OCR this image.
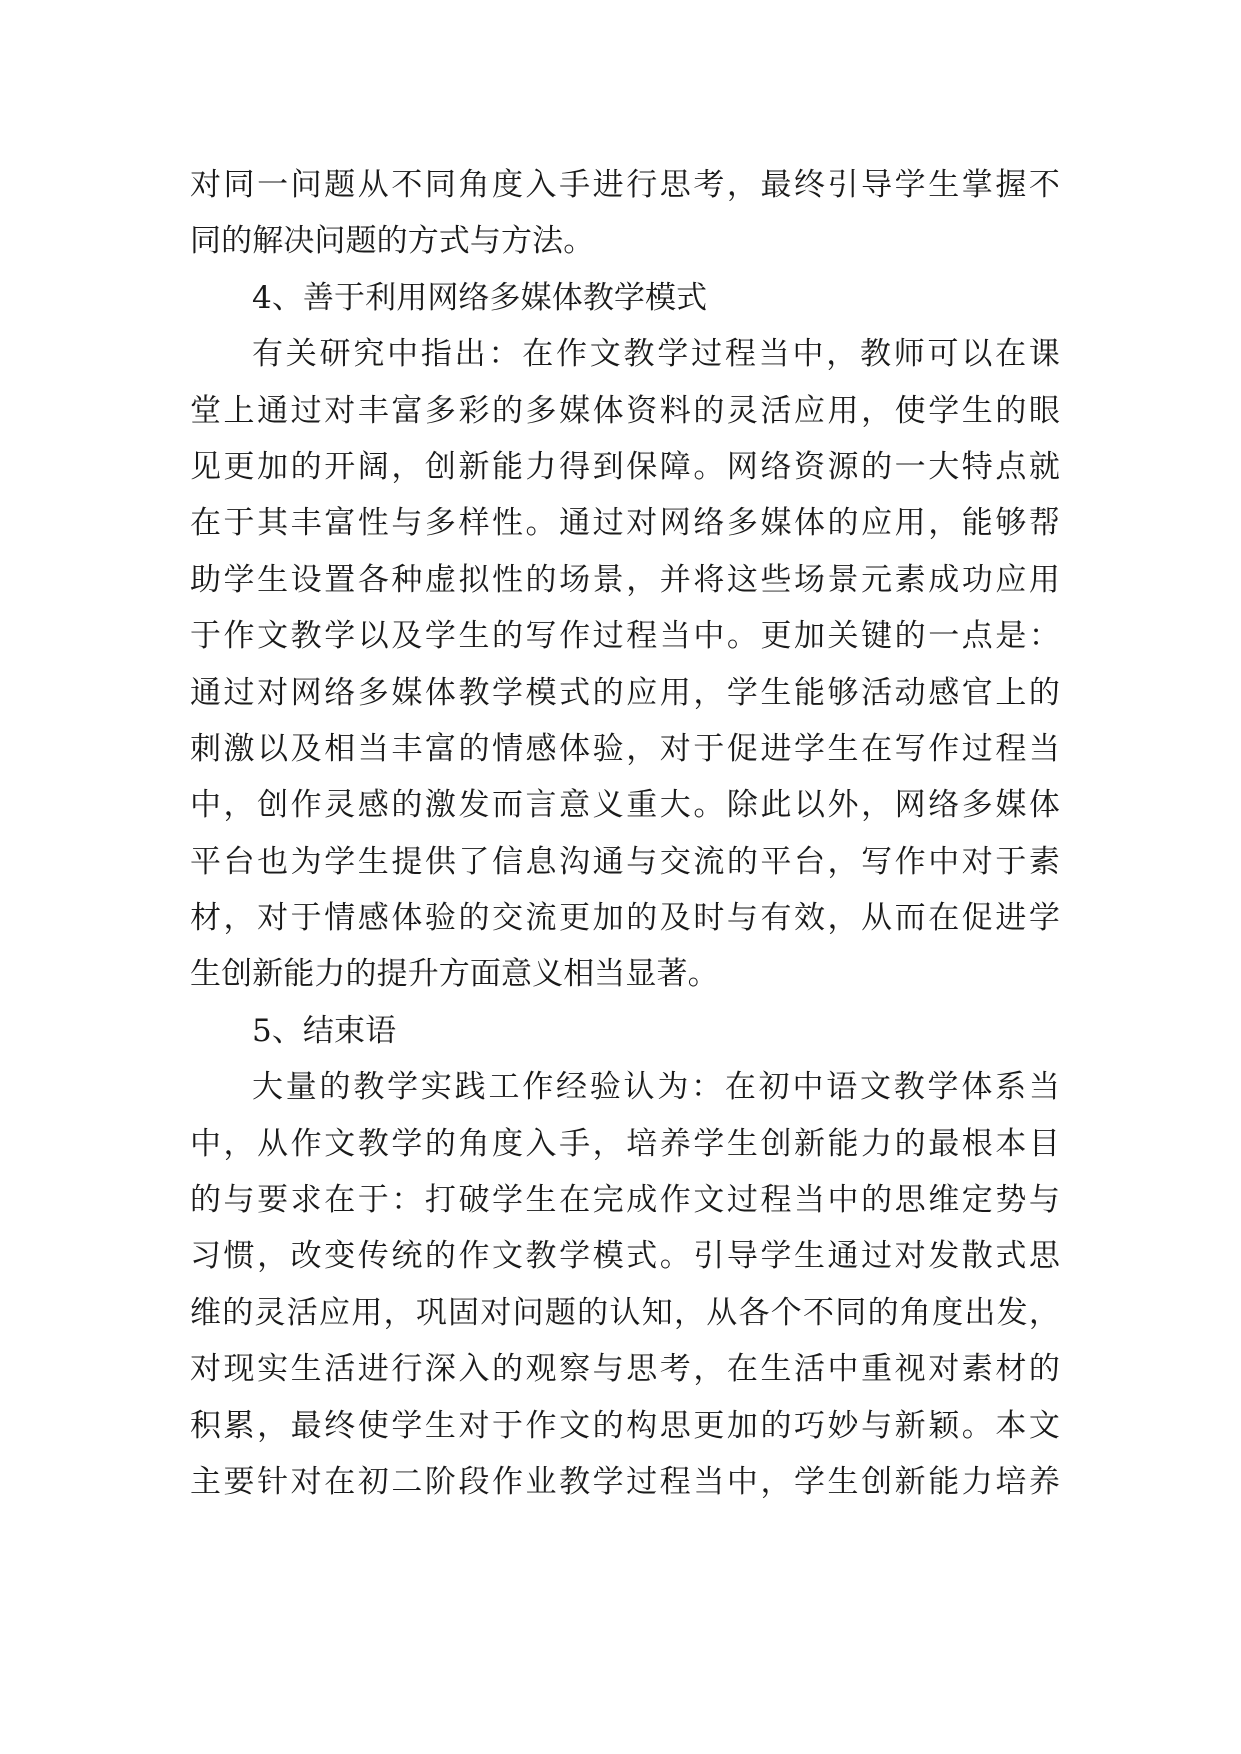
对同一问题从不同角度入手进行思考，最终引导学生掌握不
同的解决问题的方式与方法。
4、善于利用网络多媒体教学模式
有关研究中指出：在作文教学过程当中，教师可以在课
堂上通过对丰富多彩的多媒体资料的灵活应用，使学生的眼
见更加的开阔，创新能力得到保障。网络资源的一大特点就
在于其丰富性与多样性。通过对网络多媒体的应用，能够帮
助学生设置各种虚拟性的场景，并将这些场景元素成功应用
于作文教学以及学生的写作过程当中。更加关键的一点是：
通过对网络多媒体教学模式的应用，学生能够活动感官上的
刺激以及相当丰富的情感体验，对于促进学生在写作过程当
中，创作灵感的激发而言意义重大。除此以外，网络多媒体
平台也为学生提供了信息沟通与交流的平台，写作中对于素
材，对于情感体验的交流更加的及时与有效，从而在促进学
生创新能力的提升方面意义相当显著。
5、结束语
大量的教学实践工作经验认为：在初中语文教学体系当
中，从作文教学的角度入手，培养学生创新能力的最根本目
的与要求在于：打破学生在完成作文过程当中的思维定势与
习惯，改变传统的作文教学模式。引导学生通过对发散式思
维的灵活应用，巩固对问题的认知，从各个不同的角度出发，
对现实生活进行深入的观察与思考，在生活中重视对素材的
积累，最终使学生对于作文的构思更加的巧妙与新颖。本文
主要针对在初二阶段作业教学过程当中，学生创新能力培养
